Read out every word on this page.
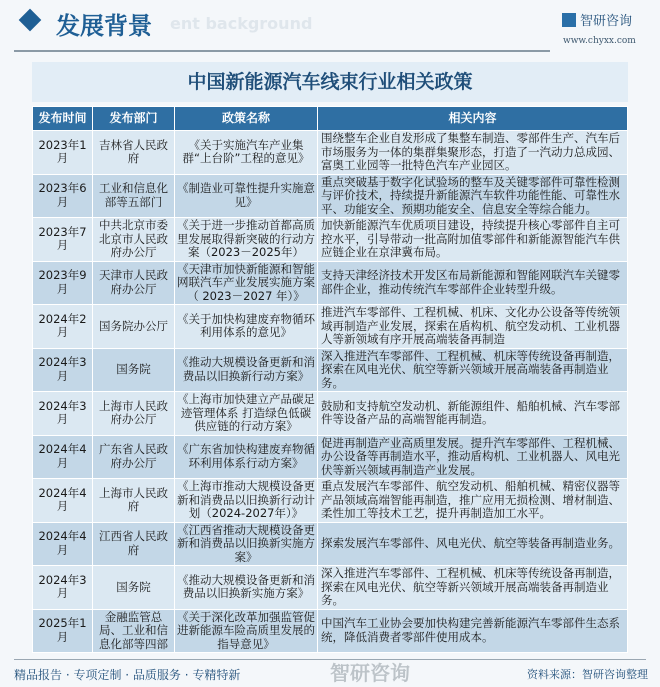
ent background
发展背景	智研咨询
www.chyxx.com
中国新能源汽车线束行业相关政策
发布时间	发布部门	政策名称	相关内容
2023年1月	吉林省人民政府	《关于实施汽车产业集群“上台阶”工程的意见》	围绕整车企业自发形成了集整车制造、零部件生产、汽车后市场服务为一体的集群集聚形态，打造了一汽动力总成园、富奥工业园等一批特色汽车产业园区。
2023年6月	工业和信息化部等五部门	《制造业可靠性提升实施意见》	重点突破基于数字化试验场的整车及关键零部件可靠性检测与评价技术，持续提升新能源汽车软件功能性能、可靠性水平、功能安全、预期功能安全、信息安全等综合能力。
2023年7月	中共北京市委北京市人民政府办公厅	《关于进一步推动首都高质里发展取得新突破的行动方案（2023－2025年）	加快新能源汽车优质项目建设，持续提升核心零部件自主可控水平，引导带动一批高附加值零部件和新能源智能汽车供应链企业在京津冀布局。
2023年9月	天津市人民政府办公厅	《天津市加快新能源和智能网联汽车产业发展实施方案（ 2023－2027 年）》	支持天津经济技术开发区布局新能源和智能网联汽车关键零部件企业，推动传统汽车零部件企业转型升级。
2024年2月	国务院办公厅	《关于加快构建废弃物循环利用体系的意见》	推进汽车零部件、工程机械、机床、文化办公设备等传统领域再制造产业发展，探索在盾构机、航空发动机、工业机器人等新领域有序开展高端装备再制造
2024年3月	国务院	《推动大规模设备更新和消费品以旧换新行动方案》	深入推进汽车零部件、工程机械、机床等传统设备再制造，探索在风电光伏、航空等新兴领域开展高端装备再制造业务。
2024年3月	上海市人民政府办公厅	《上海市加快建立产品碳足迹管理体系 打造绿色低碳供应链的行动方案》	鼓励和支持航空发动机、新能源组件、船舶机械、汽车零部件等设备产品的高端智能再制造。
2024年4月	广东省人民政府办公厅	《广东省加快构建废弃物循环利用体系行动方案》	促进再制造产业高质里发展。提升汽车零部件、工程机械、办公设备等再制造水平，推动盾构机、工业机器人、风电光伏等新兴领域再制造产业发展。
2024年4月	上海市人民政府	《上海市推动大规模设备更新和消费品以旧换新行动计划（2024-2027年）》	重点发展汽车零部件、航空发动机、船舶机械、精密仪器等产品领域高端智能再制造，推广应用无损检测、增材制造、柔性加工等技术工艺，提升再制造加工水平。
2024年4月	江西省人民政府	《江西省推动大规模设备更新和消费品以旧换新实施方案》	探索发展汽车零部件、风电光伏、航空等装备再制造业务。
2024年3月	国务院	《推动大规模设备更新和消费品以旧换新实施方案》	深入推进汽车零部件、工程机械、机床等传统设备再制造，探索在风电光伏、航空等新兴领域开展高端装备再制造业务。
2025年1月	金融监管总局、工业和信息化部等四部	《关于深化改革加强监管促进新能源车险高质里发展的指导意见》	中国汽车工业协会要加快构建完善新能源汽车零部件生态系统，降低消费者零部件使用成本。
精品报告 · 专项定制 · 品质服务 · 专精特新	智研咨询	资料来源：智研咨询整理
